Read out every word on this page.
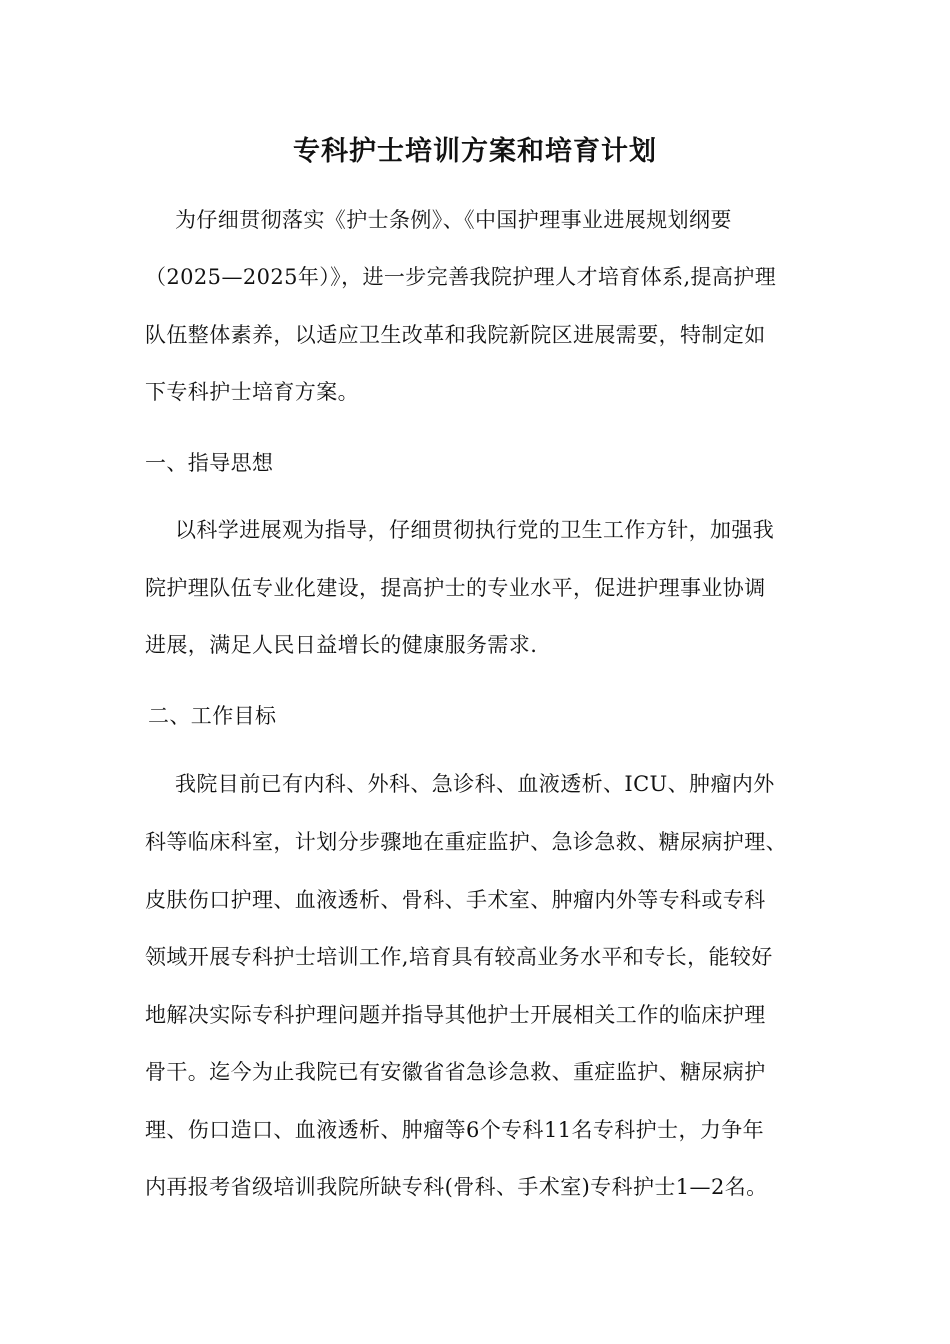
专科护士培训方案和培育计划
为仔细贯彻落实《护士条例》、《中国护理事业进展规划纲要
（2025—2025年）》，进一步完善我院护理人才培育体系,提高护理
队伍整体素养，以适应卫生改革和我院新院区进展需要，特制定如
下专科护士培育方案。
一、指导思想
以科学进展观为指导，仔细贯彻执行党的卫生工作方针，加强我
院护理队伍专业化建设，提高护士的专业水平，促进护理事业协调
进展，满足人民日益增长的健康服务需求.
二、工作目标
我院目前已有内科、外科、急诊科、血液透析、ICU、肿瘤内外
科等临床科室，计划分步骤地在重症监护、急诊急救、糖尿病护理、
皮肤伤口护理、血液透析、骨科、手术室、肿瘤内外等专科或专科
领域开展专科护士培训工作,培育具有较高业务水平和专长，能较好
地解决实际专科护理问题并指导其他护士开展相关工作的临床护理
骨干。迄今为止我院已有安徽省省急诊急救、重症监护、糖尿病护
理、伤口造口、血液透析、肿瘤等6个专科11名专科护士，力争年
内再报考省级培训我院所缺专科(骨科、手术室)专科护士1—2名。
